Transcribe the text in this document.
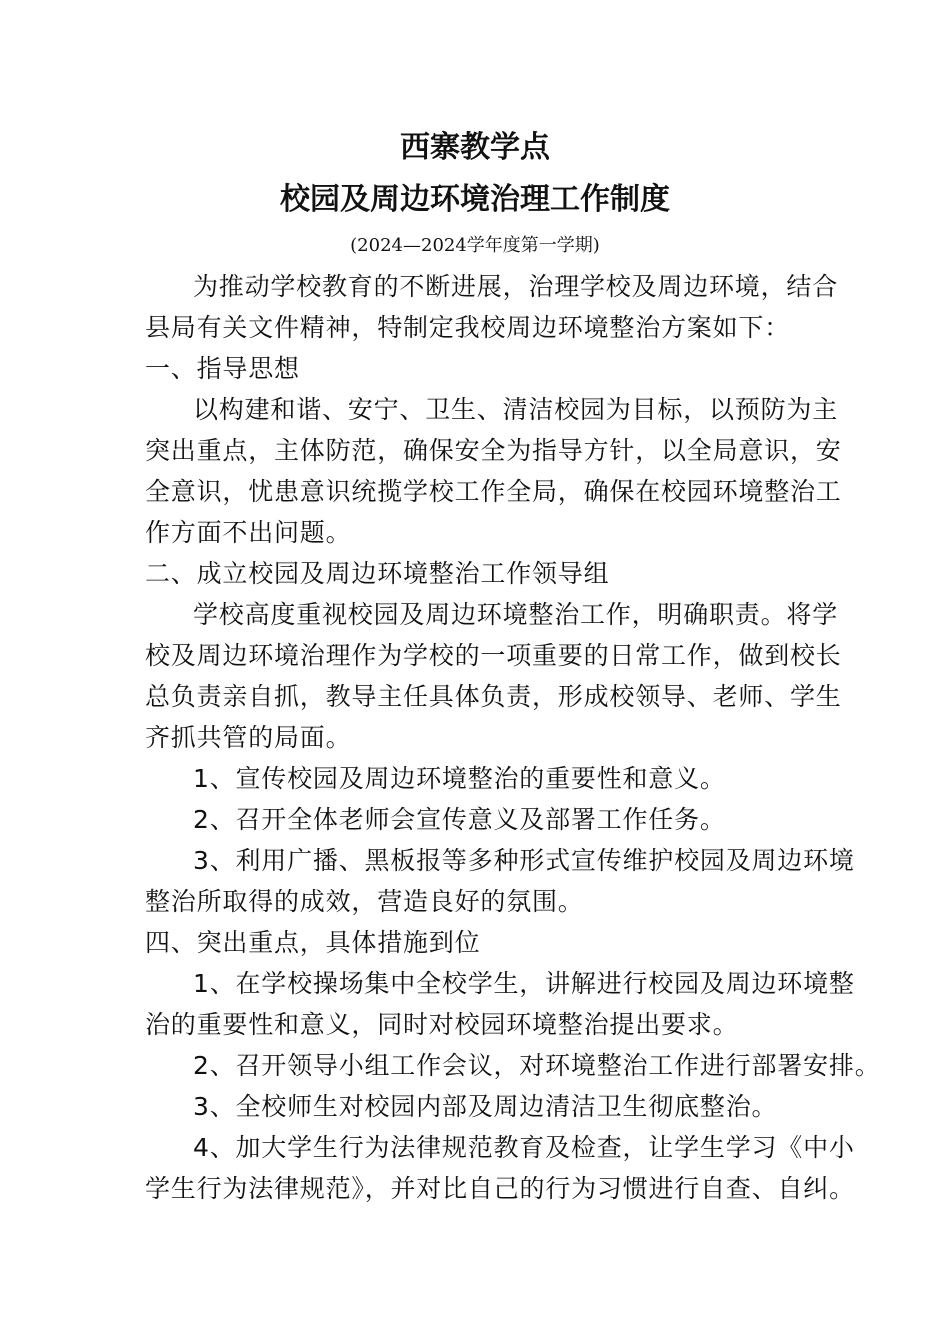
西寨教学点
校园及周边环境治理工作制度
(2024—2024学年度第一学期)
为推动学校教育的不断进展，治理学校及周边环境，结合
县局有关文件精神，特制定我校周边环境整治方案如下：
一、指导思想
以构建和谐、安宁、卫生、清洁校园为目标，以预防为主
突出重点，主体防范，确保安全为指导方针，以全局意识，安
全意识，忧患意识统揽学校工作全局，确保在校园环境整治工
作方面不出问题。
二、成立校园及周边环境整治工作领导组
学校高度重视校园及周边环境整治工作，明确职责。将学
校及周边环境治理作为学校的一项重要的日常工作，做到校长
总负责亲自抓，教导主任具体负责，形成校领导、老师、学生
齐抓共管的局面。
1、宣传校园及周边环境整治的重要性和意义。
2、召开全体老师会宣传意义及部署工作任务。
3、利用广播、黑板报等多种形式宣传维护校园及周边环境
整治所取得的成效，营造良好的氛围。
四、突出重点，具体措施到位
1、在学校操场集中全校学生，讲解进行校园及周边环境整
治的重要性和意义，同时对校园环境整治提出要求。
2、召开领导小组工作会议，对环境整治工作进行部署安排。
3、全校师生对校园内部及周边清洁卫生彻底整治。
4、加大学生行为法律规范教育及检查，让学生学习《中小
学生行为法律规范》，并对比自己的行为习惯进行自查、自纠。
